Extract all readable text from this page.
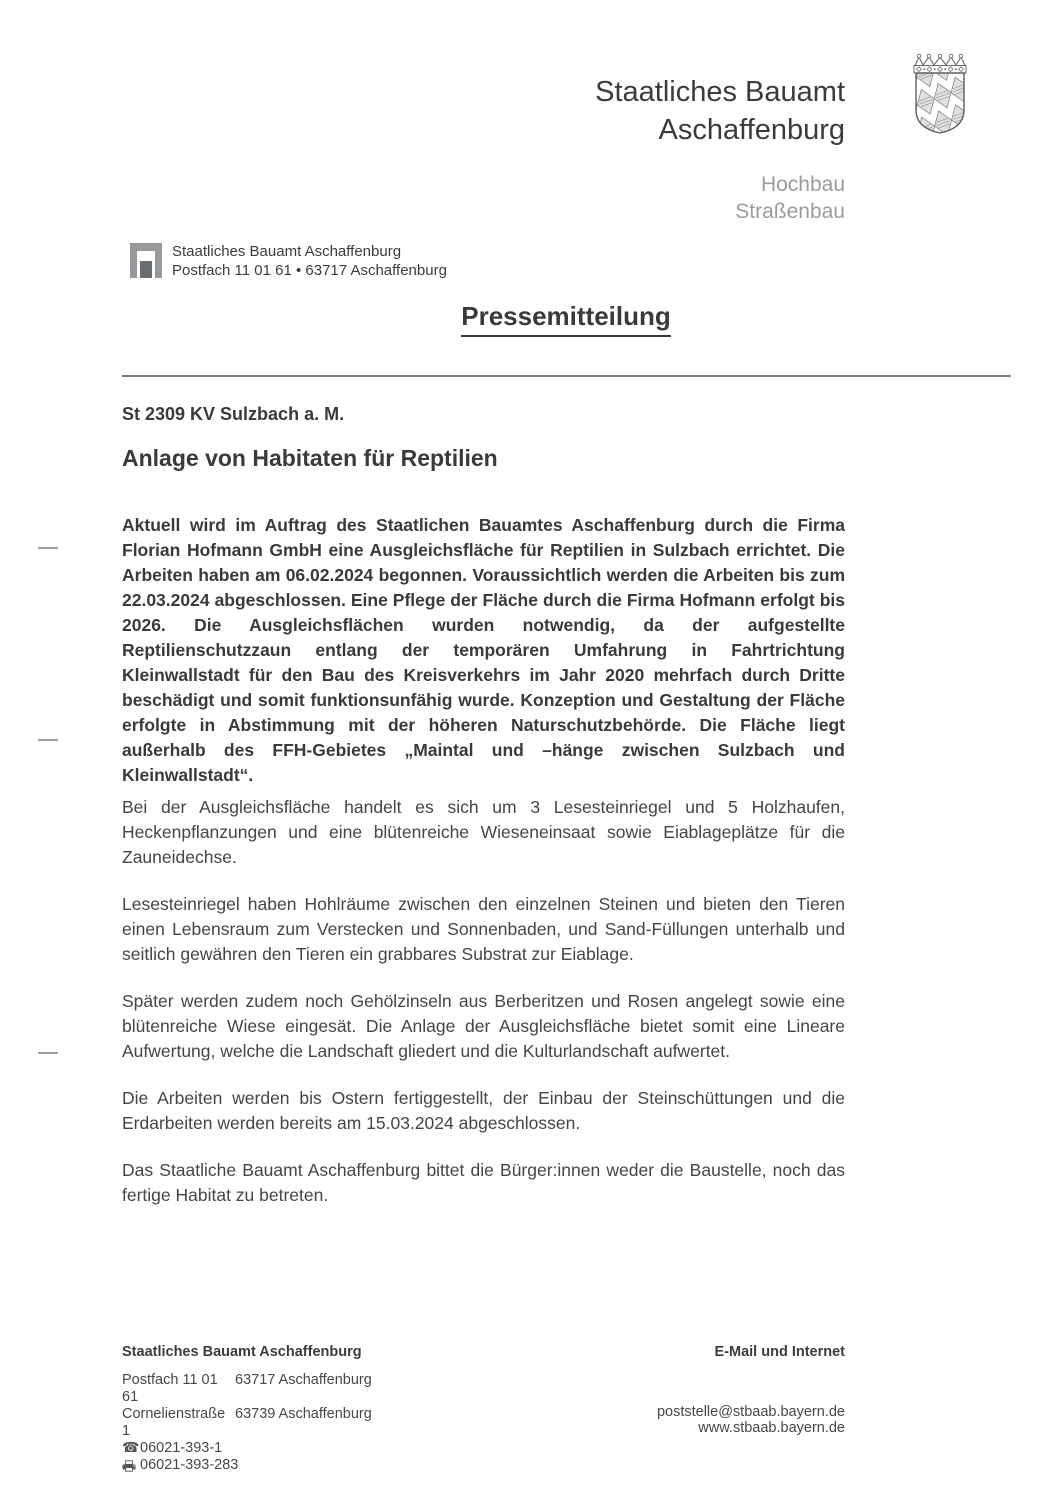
Staatliches Bauamt
Aschaffenburg
Hochbau
Straßenbau
Staatliches Bauamt Aschaffenburg
Postfach 11 01 61 • 63717 Aschaffenburg
Pressemitteilung
St 2309 KV Sulzbach a. M.
Anlage von Habitaten für Reptilien

Aktuell wird im Auftrag des Staatlichen Bauamtes Aschaffenburg durch die Firma Florian Hofmann GmbH eine Ausgleichsfläche für Reptilien in Sulzbach errichtet. Die Arbeiten haben am 06.02.2024 begonnen. Voraussichtlich werden die Arbeiten bis zum 22.03.2024 abgeschlossen. Eine Pflege der Fläche durch die Firma Hofmann erfolgt bis 2026. Die Ausgleichsflächen wurden notwendig, da der aufgestellte Reptilienschutzzaun entlang der temporären Umfahrung in Fahrtrichtung Kleinwallstadt für den Bau des Kreisverkehrs im Jahr 2020 mehrfach durch Dritte beschädigt und somit funktionsunfähig wurde. Konzeption und Gestaltung der Fläche erfolgte in Abstimmung mit der höheren Naturschutzbehörde. Die Fläche liegt außerhalb des FFH-Gebietes „Maintal und –hänge zwischen Sulzbach und Kleinwallstadt“.

Bei der Ausgleichsfläche handelt es sich um 3 Lesesteinriegel und 5 Holzhaufen, Heckenpflanzungen und eine blütenreiche Wieseneinsaat sowie Eiablageplätze für die Zauneidechse.

Lesesteinriegel haben Hohlräume zwischen den einzelnen Steinen und bieten den Tieren einen Lebensraum zum Verstecken und Sonnenbaden, und Sand-Füllungen unterhalb und seitlich gewähren den Tieren ein grabbares Substrat zur Eiablage.

Später werden zudem noch Gehölzinseln aus Berberitzen und Rosen angelegt sowie eine blütenreiche Wiese eingesät. Die Anlage der Ausgleichsfläche bietet somit eine Lineare Aufwertung, welche die Landschaft gliedert und die Kulturlandschaft aufwertet.

Die Arbeiten werden bis Ostern fertiggestellt, der Einbau der Steinschüttungen und die Erdarbeiten werden bereits am 15.03.2024 abgeschlossen.

Das Staatliche Bauamt Aschaffenburg bittet die Bürger:innen weder die Baustelle, noch das fertige Habitat zu betreten.

Staatliches Bauamt Aschaffenburg
Postfach 11 01 61
63717 Aschaffenburg
Cornelienstraße 1
63739 Aschaffenburg
☎ 06021-393-1
06021-393-283
E-Mail und Internet
poststelle@stbaab.bayern.de
www.stbaab.bayern.de
